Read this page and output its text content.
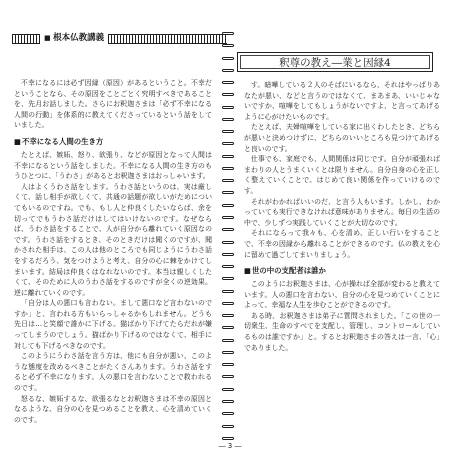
■ 根本仏教講義
釈尊の教え―業と因縁4

不幸になるには必ず因縁（原因）があるということ。不幸だということなら、その原因をことごとく究明すべきであることを、先月お話しました。さらにお釈迦さまは「必ず不幸になる人間の行動」を体系的に教えてくださっているという話をしていました。

■ 不幸になる人間の生き方

たとえば、嫉妬、怒り、欲張り、などが原因となって人間は不幸になるという話をしました。不幸になる人間の生き方のもうひとつに、「うわさ」があるとお釈迦さまはおっしゃいます。

人はよくうわさ話をします。うわさ話というのは、実は厳しくて、話し相手が欲しくて、共通の話題が欲しいがためについてもいるのですね。でも、もし人と仲良くしたいならば、余を切ってでもうわさ話だけはしてはいけないのです。なぜならば、うわさ話をすることで、人が自分から離れていく原因なのです。うわさ話をするとき、そのときだけは聞くのですが、聞かされた相手は、この人は他のところでも同じようにうわさ話をするだろう、気をつけようと考え、自分の心に棘をかけてしまいます。結局は仲良くはなれないのです。本当は親しくしたくて、そのために人のうわさ話をするのですが全くの逆効果。逆に離れていくのです。

「自分は人の悪口も言わない。まして悪口など言わないのですか」と、言われる方もいらっしゃるかもしれません。どうも先日は…と笑顔で誰かに下げる。猫ばかり下げてたらだれが嫌ってしまうのでしょう。猫ばかり下げるのではなくて、相手に対しても下げるべきなのです。

このようにうわさ話を言う方は、他にも自分が悪い、このような態度を改めるべきことがたくさんあります。うわさ話をすると必ず不幸になります。人の悪口を言わないことで救われるのです。

怒るな、嫉妬するな、欲張るなとお釈迦さまは不幸の原因となるような、自分の心を見つめることを教え、心を清めていくのです。

す。暗嘩している２人のそばにいるなら、それはやっぱりあなたが悪い、などと言うのではなくて、まあまあ、いいじゃないですか、喧嘩をしてもしょうがないですよ、と言ってあげるように心がけたいものです。

たとえば、夫婦喧嘩をしている家に出くわしたとき、どちらが悪いと決めつけずに、どちらのいいところも見つけてあげると良いのです。

仕事でも、家庭でも、人間関係は同じです。自分が頑張ればまわりの人とうまくいくとは限りません。自分自身の心を正しく整えていくことで、はじめて良い関係を作っていけるのです。

それがわかればいいのだ、と言う人もいます。しかし、わかっていても実行できなければ意味がありません。毎日の生活の中で、少しずつ実践していくことが大切なのです。

それにならって我々も、心を清め、正しい行いをすることで、不幸の因縁から離れることができるのです。仏の教えを心に留めて過ごしてまいりましょう。

■ 世の中の支配者は誰か

このようにお釈迦さまは、心が操れば全部が変わると教えています。人の悪口を言わない、自分の心を見つめていくことによって、幸福な人生を歩むことができるのです。

ある時、お釈迦さまは弟子に質問されました。「この世の一切衆生、生命のすべてを支配し、管理し、コントロールしているものは誰ですか」と。するとお釈迦さまの答えは一言、「心」でありました。

― 3 ―
